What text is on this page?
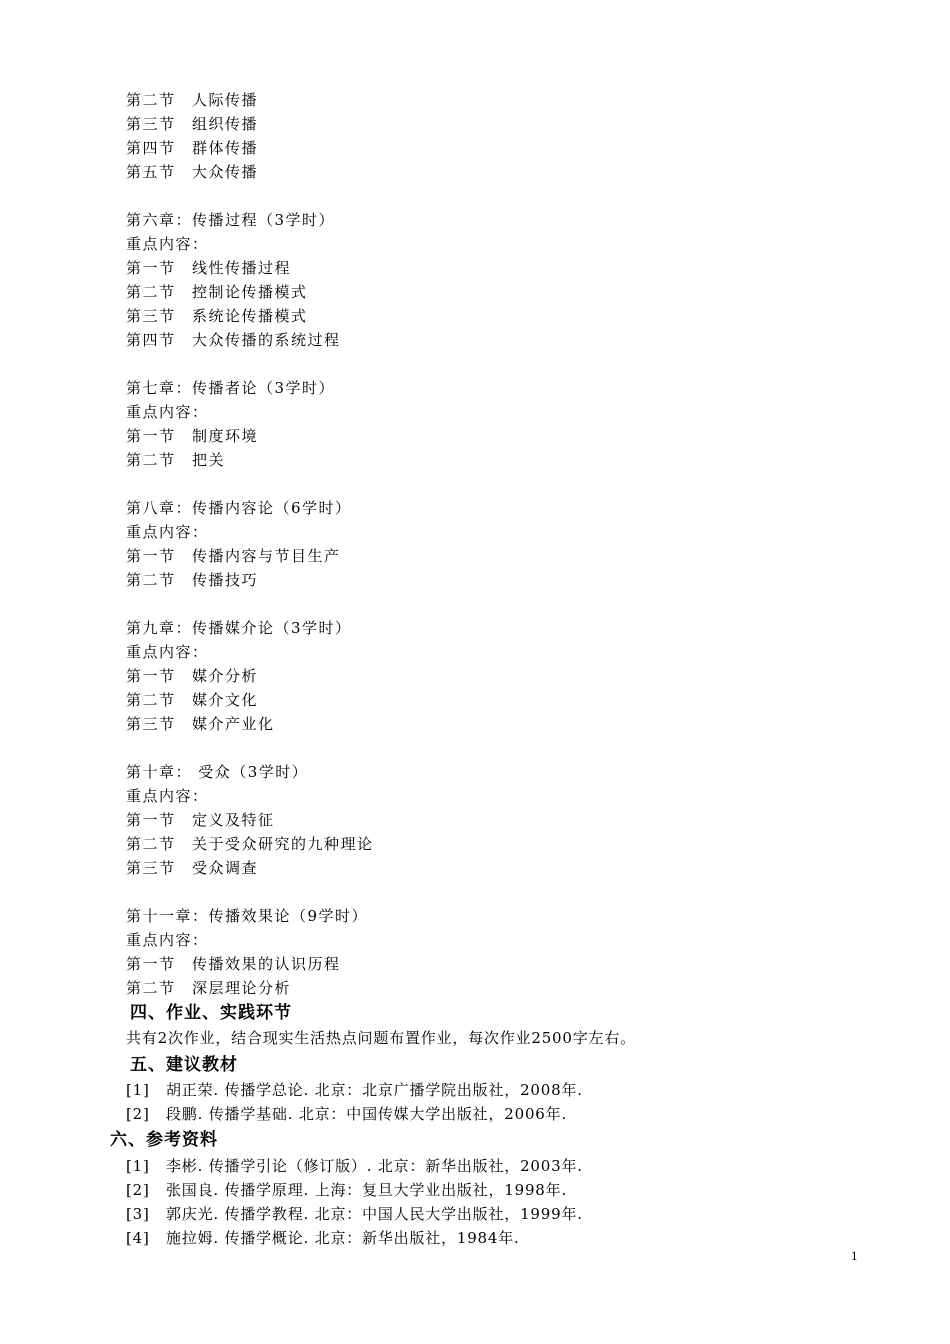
第二节 人际传播
第三节 组织传播
第四节 群体传播
第五节 大众传播
第六章：传播过程（3学时）
重点内容：
第一节 线性传播过程
第二节 控制论传播模式
第三节 系统论传播模式
第四节 大众传播的系统过程
第七章：传播者论（3学时）
重点内容：
第一节 制度环境
第二节 把关
第八章：传播内容论（6学时）
重点内容：
第一节 传播内容与节目生产
第二节 传播技巧
第九章：传播媒介论（3学时）
重点内容：
第一节 媒介分析
第二节 媒介文化
第三节 媒介产业化
第十章： 受众（3学时）
重点内容：
第一节 定义及特征
第二节 关于受众研究的九种理论
第三节 受众调查
第十一章：传播效果论（9学时）
重点内容：
第一节 传播效果的认识历程
第二节 深层理论分析
四、作业、实践环节
共有2次作业，结合现实生活热点问题布置作业，每次作业2500字左右。
五、建议教材
[1] 胡正荣. 传播学总论. 北京：北京广播学院出版社，2008年.
[2] 段鹏. 传播学基础. 北京：中国传媒大学出版社，2006年.
六、参考资料
[1] 李彬. 传播学引论（修订版）. 北京：新华出版社，2003年.
[2] 张国良. 传播学原理. 上海：复旦大学业出版社，1998年.
[3] 郭庆光. 传播学教程. 北京：中国人民大学出版社，1999年.
[4] 施拉姆. 传播学概论. 北京：新华出版社，1984年.
1
